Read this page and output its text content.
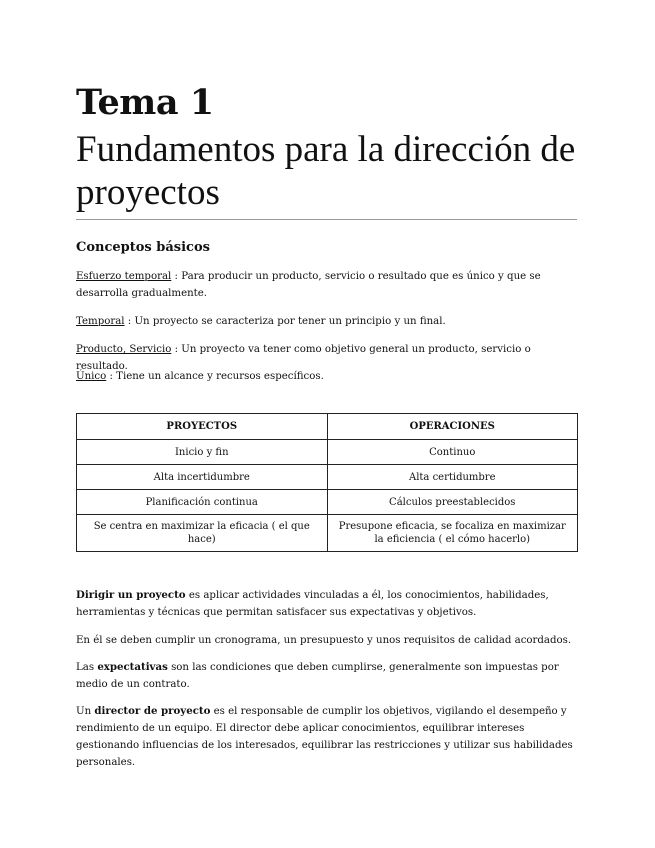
Tema 1
Fundamentos para la dirección de proyectos
Conceptos básicos
Esfuerzo temporal : Para producir un producto, servicio o resultado que es único y que se desarrolla gradualmente.
Temporal : Un proyecto se caracteriza por tener un principio y un final.
Producto, Servicio : Un proyecto va tener como objetivo general un producto, servicio o resultado.
Único : Tiene un alcance y recursos específicos.
PROYECTOS	OPERACIONES
Inicio y fin	Continuo
Alta incertidumbre	Alta certidumbre
Planificación continua	Cálculos preestablecidos
Se centra en maximizar la eficacia ( el que hace)	Presupone eficacia, se focaliza en maximizar la eficiencia ( el cómo hacerlo)
Dirigir un proyecto es aplicar actividades vinculadas a él, los conocimientos, habilidades, herramientas y técnicas que permitan satisfacer sus expectativas y objetivos.
En él se deben cumplir un cronograma, un presupuesto y unos requisitos de calidad acordados.
Las expectativas son las condiciones que deben cumplirse, generalmente son impuestas por medio de un contrato.
Un director de proyecto es el responsable de cumplir los objetivos, vigilando el desempeño y rendimiento de un equipo. El director debe aplicar conocimientos, equilibrar intereses gestionando influencias de los interesados, equilibrar las restricciones y utilizar sus habilidades personales.
